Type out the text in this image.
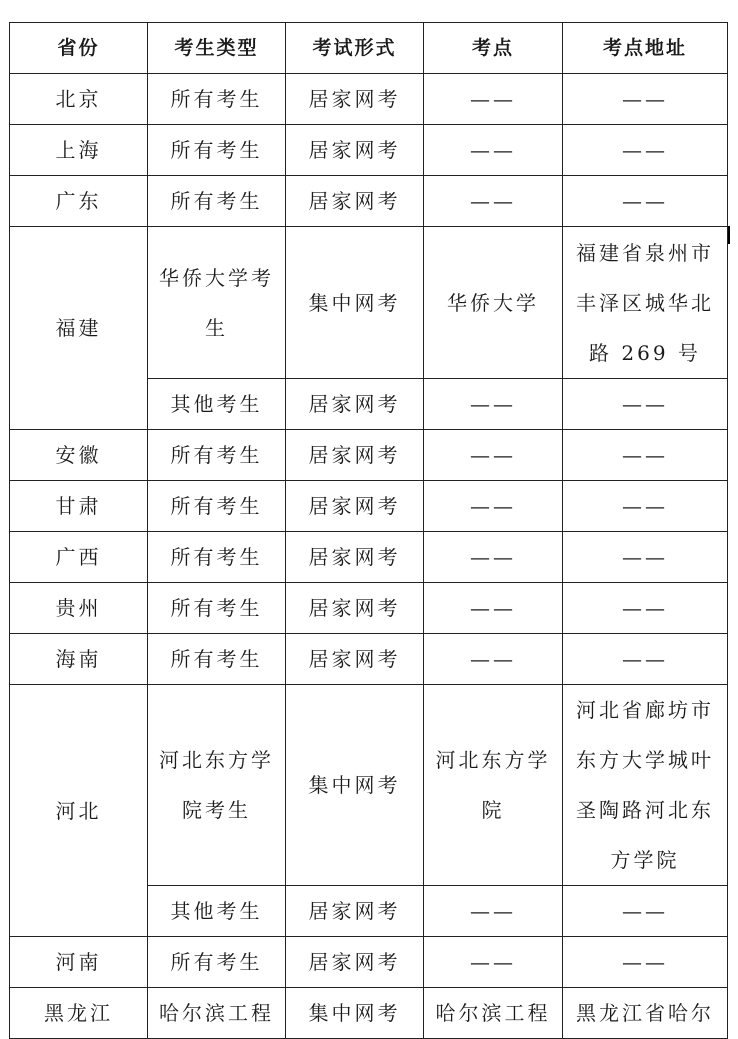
省份	考生类型	考试形式	考点	考点地址
北京	所有考生	居家网考	——	——
上海	所有考生	居家网考	——	——
广东	所有考生	居家网考	——	——
福建	华侨大学考生	集中网考	华侨大学	福建省泉州市丰泽区城华北路 269 号
	其他考生	居家网考	——	——
安徽	所有考生	居家网考	——	——
甘肃	所有考生	居家网考	——	——
广西	所有考生	居家网考	——	——
贵州	所有考生	居家网考	——	——
海南	所有考生	居家网考	——	——
河北	河北东方学院考生	集中网考	河北东方学院	河北省廊坊市东方大学城叶圣陶路河北东方学院
	其他考生	居家网考	——	——
河南	所有考生	居家网考	——	——
黑龙江	哈尔滨工程	集中网考	哈尔滨工程	黑龙江省哈尔
